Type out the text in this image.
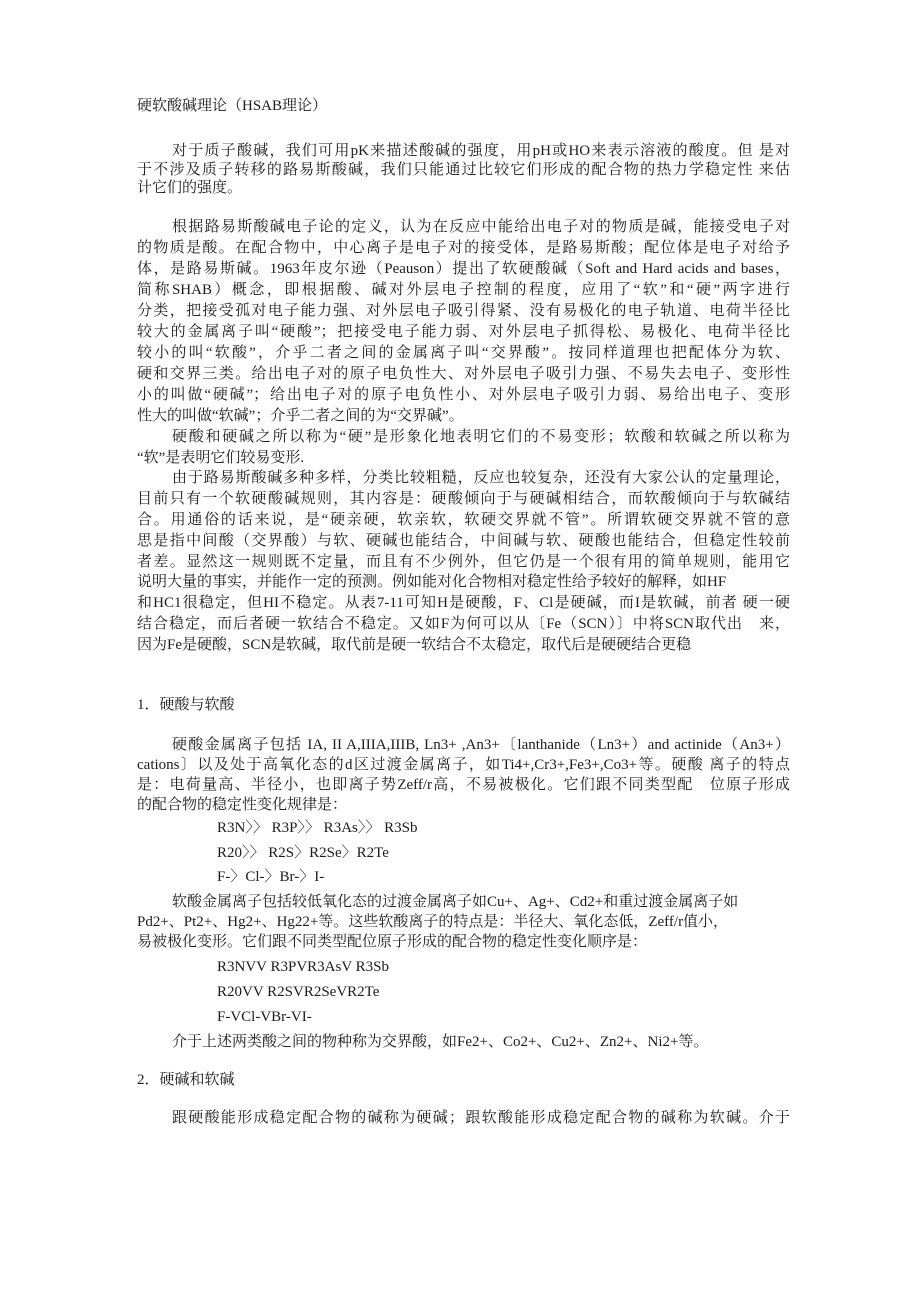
硬软酸碱理论（HSAB理论）
对于质子酸碱，我们可用pK来描述酸碱的强度，用pH或HO来表示溶液的酸度。但 是对
于不涉及质子转移的路易斯酸碱，我们只能通过比较它们形成的配合物的热力学稳定性 来估
计它们的强度。
根据路易斯酸碱电子论的定义，认为在反应中能给出电子对的物质是碱，能接受电子对
的物质是酸。在配合物中，中心离子是电子对的接受体，是路易斯酸；配位体是电子对给予
体，是路易斯碱。1963年皮尔逊（Peauson）提出了软硬酸碱（Soft and Hard acids and bases，
简称SHAB）概念，即根据酸、碱对外层电子控制的程度，应用了“软”和“硬”两字进行
分类，把接受孤对电子能力强、对外层电子吸引得紧、没有易极化的电子轨道、电荷半径比
较大的金属离子叫“硬酸”；把接受电子能力弱、对外层电子抓得松、易极化、电荷半径比
较小的叫“软酸”，介乎二者之间的金属离子叫“交界酸”。按同样道理也把配体分为软、
硬和交界三类。给出电子对的原子电负性大、对外层电子吸引力强、不易失去电子、变形性
小的叫做“硬碱”；给出电子对的原子电负性小、对外层电子吸引力弱、易给出电子、变形
性大的叫做“软碱”；介乎二者之间的为“交界碱”。
硬酸和硬碱之所以称为“硬”是形象化地表明它们的不易变形；软酸和软碱之所以称为
“软”是表明它们较易变形.
由于路易斯酸碱多种多样，分类比较粗糙，反应也较复杂，还没有大家公认的定量理论，
目前只有一个软硬酸碱规则，其内容是：硬酸倾向于与硬碱相结合，而软酸倾向于与软碱结
合。用通俗的话来说，是“硬亲硬，软亲软，软硬交界就不管”。所谓软硬交界就不管的意
思是指中间酸（交界酸）与软、硬碱也能结合，中间碱与软、硬酸也能结合，但稳定性较前
者差。显然这一规则既不定量，而且有不少例外，但它仍是一个很有用的简单规则，能用它
说明大量的事实，并能作一定的预测。例如能对化合物相对稳定性给予较好的解释，如HF
和HC1很稳定，但HI不稳定。从表7-11可知H是硬酸，F、Cl是硬碱，而I是软碱，前者 硬一硬
结合稳定，而后者硬一软结合不稳定。又如F为何可以从〔Fe（SCN）〕中将SCN取代出　来，
因为Fe是硬酸，SCN是软碱，取代前是硬一软结合不太稳定，取代后是硬硬结合更稳
1．硬酸与软酸
硬酸金属离子包括 IA, II A,IIIA,IIIB, Ln3+ ,An3+〔lanthanide（Ln3+）and actinide（An3+）
cations〕以及处于高氧化态的d区过渡金属离子，如Ti4+,Cr3+,Fe3+,Co3+等。硬酸 离子的特点
是：电荷量高、半径小，也即离子势Zeff/r高，不易被极化。它们跟不同类型配　位原子形成
的配合物的稳定性变化规律是：
R3N〉〉 R3P〉〉 R3As〉〉 R3Sb
R20〉〉 R2S〉R2Se〉R2Te
F-〉Cl-〉Br-〉I-
软酸金属离子包括较低氧化态的过渡金属离子如Cu+、Ag+、Cd2+和重过渡金属离子如
Pd2+、Pt2+、Hg2+、Hg22+等。这些软酸离子的特点是：半径大、氧化态低，Zeff/r值小，
易被极化变形。它们跟不同类型配位原子形成的配合物的稳定性变化顺序是：
R3NVV R3PVR3AsV R3Sb
R20VV R2SVR2SeVR2Te
F-VCl-VBr-VI-
介于上述两类酸之间的物种称为交界酸，如Fe2+、Co2+、Cu2+、Zn2+、Ni2+等。
2．硬碱和软碱
跟硬酸能形成稳定配合物的碱称为硬碱；跟软酸能形成稳定配合物的碱称为软碱。介于
